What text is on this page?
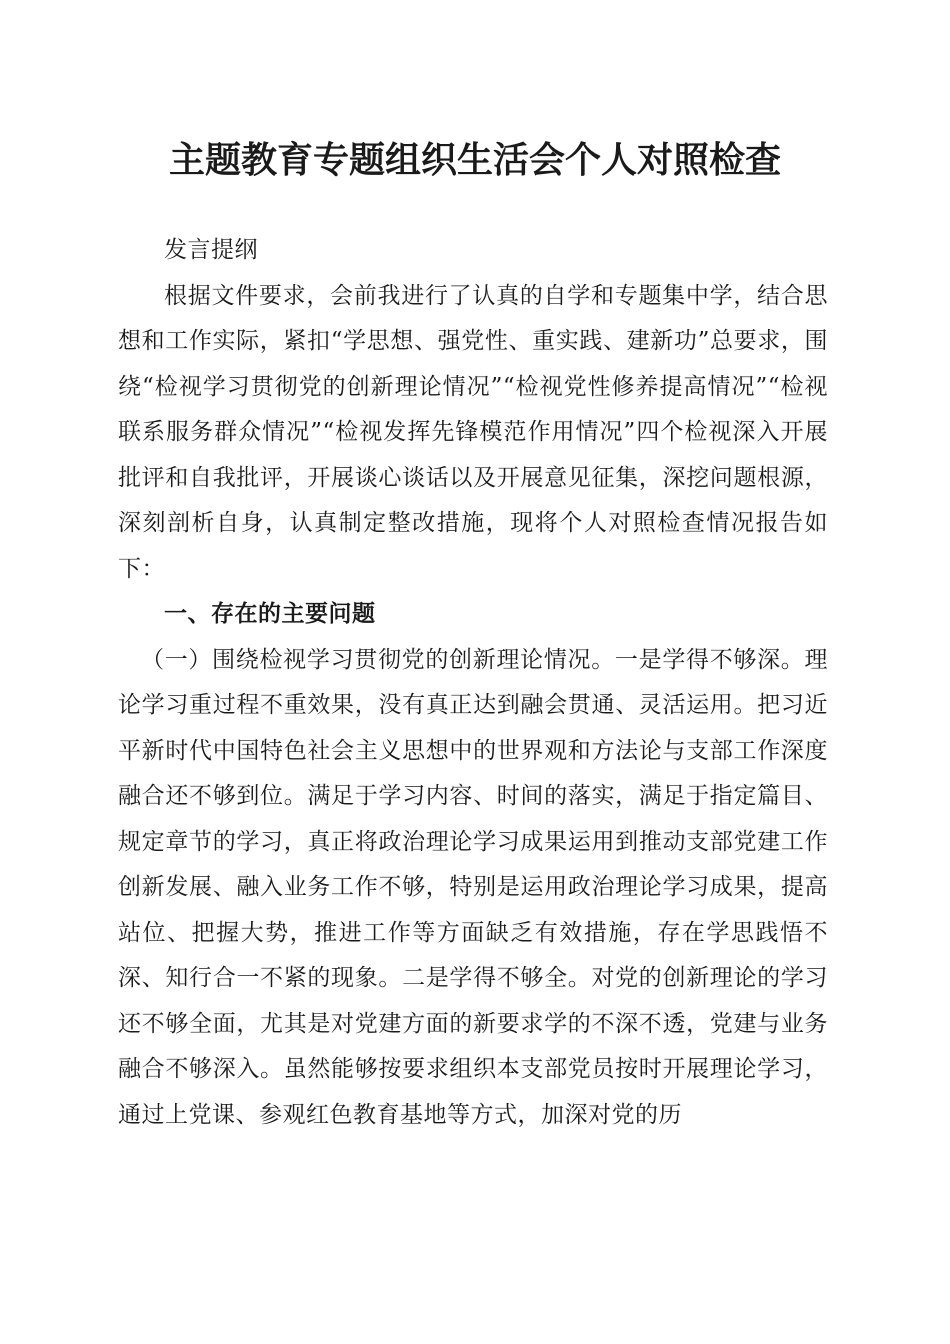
主题教育专题组织生活会个人对照检查

发言提纲

根据文件要求，会前我进行了认真的自学和专题集中学，结合思想和工作实际，紧扣“学思想、强党性、重实践、建新功”总要求，围绕“检视学习贯彻党的创新理论情况”“检视党性修养提高情况”“检视联系服务群众情况”“检视发挥先锋模范作用情况”四个检视深入开展批评和自我批评，开展谈心谈话以及开展意见征集，深挖问题根源，深刻剖析自身，认真制定整改措施，现将个人对照检查情况报告如下：

一、存在的主要问题

（一）围绕检视学习贯彻党的创新理论情况。一是学得不够深。理论学习重过程不重效果，没有真正达到融会贯通、灵活运用。把习近平新时代中国特色社会主义思想中的世界观和方法论与支部工作深度融合还不够到位。满足于学习内容、时间的落实，满足于指定篇目、规定章节的学习，真正将政治理论学习成果运用到推动支部党建工作创新发展、融入业务工作不够，特别是运用政治理论学习成果，提高站位、把握大势，推进工作等方面缺乏有效措施，存在学思践悟不深、知行合一不紧的现象。二是学得不够全。对党的创新理论的学习还不够全面，尤其是对党建方面的新要求学的不深不透，党建与业务融合不够深入。虽然能够按要求组织本支部党员按时开展理论学习，通过上党课、参观红色教育基地等方式，加深对党的历
